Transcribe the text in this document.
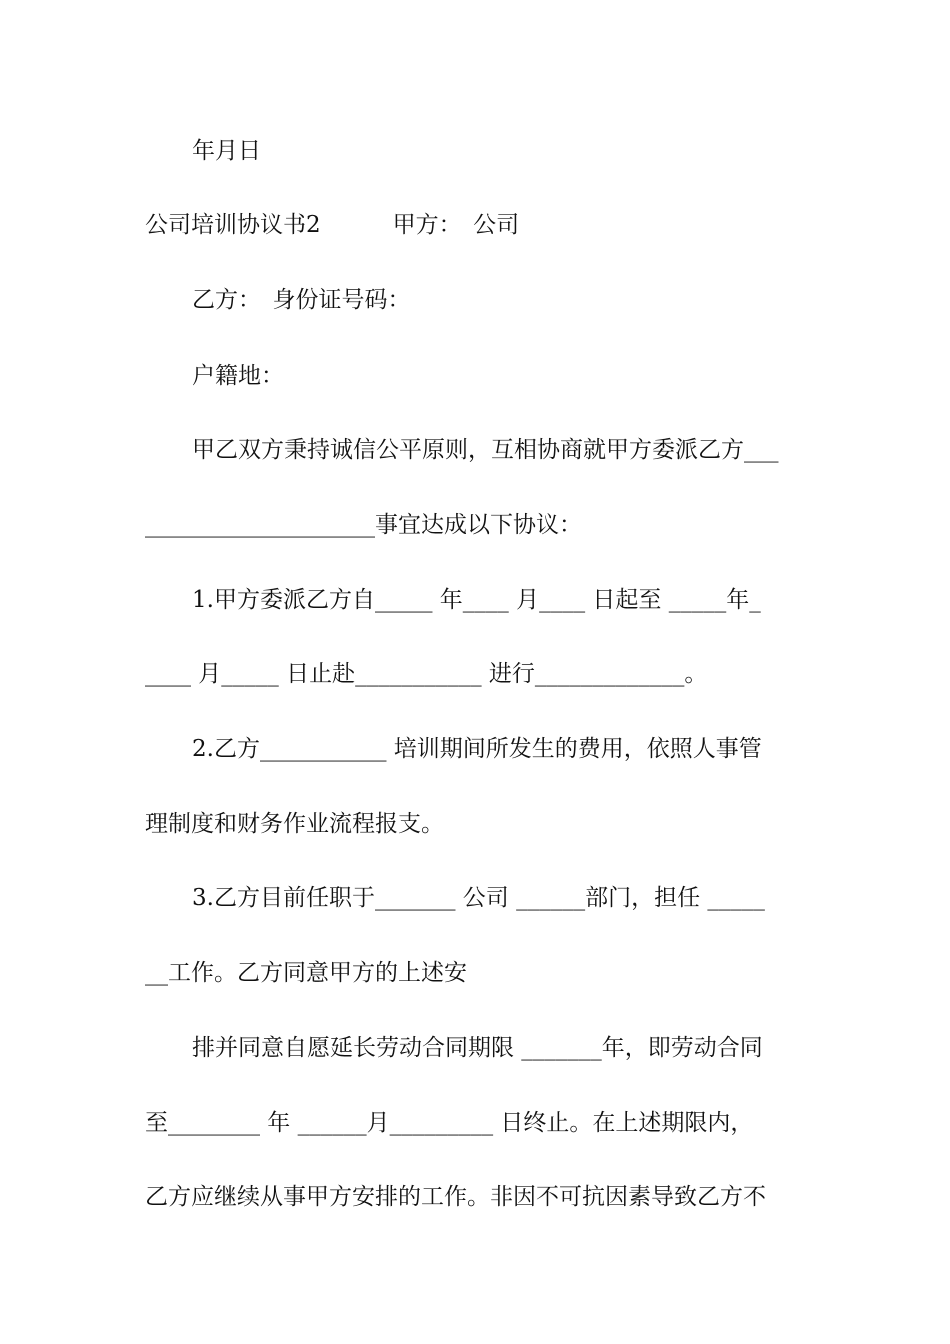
年月日
公司培训协议书2	甲方：　 公司
乙方：　身份证号码：
户籍地：
甲乙双方秉持诚信公平原则，互相协商就甲方委派乙方___
____________________事宜达成以下协议：
1.甲方委派乙方自_____ 年____ 月____ 日起至 _____年_
____ 月_____ 日止赴___________ 进行_____________。
2.乙方___________ 培训期间所发生的费用，依照人事管
理制度和财务作业流程报支。
3.乙方目前任职于_______ 公司 ______部门，担任 _____
__工作。乙方同意甲方的上述安
排并同意自愿延长劳动合同期限 _______年，即劳动合同
至________ 年 ______月_________ 日终止。在上述期限内，
乙方应继续从事甲方安排的工作。非因不可抗因素导致乙方不
